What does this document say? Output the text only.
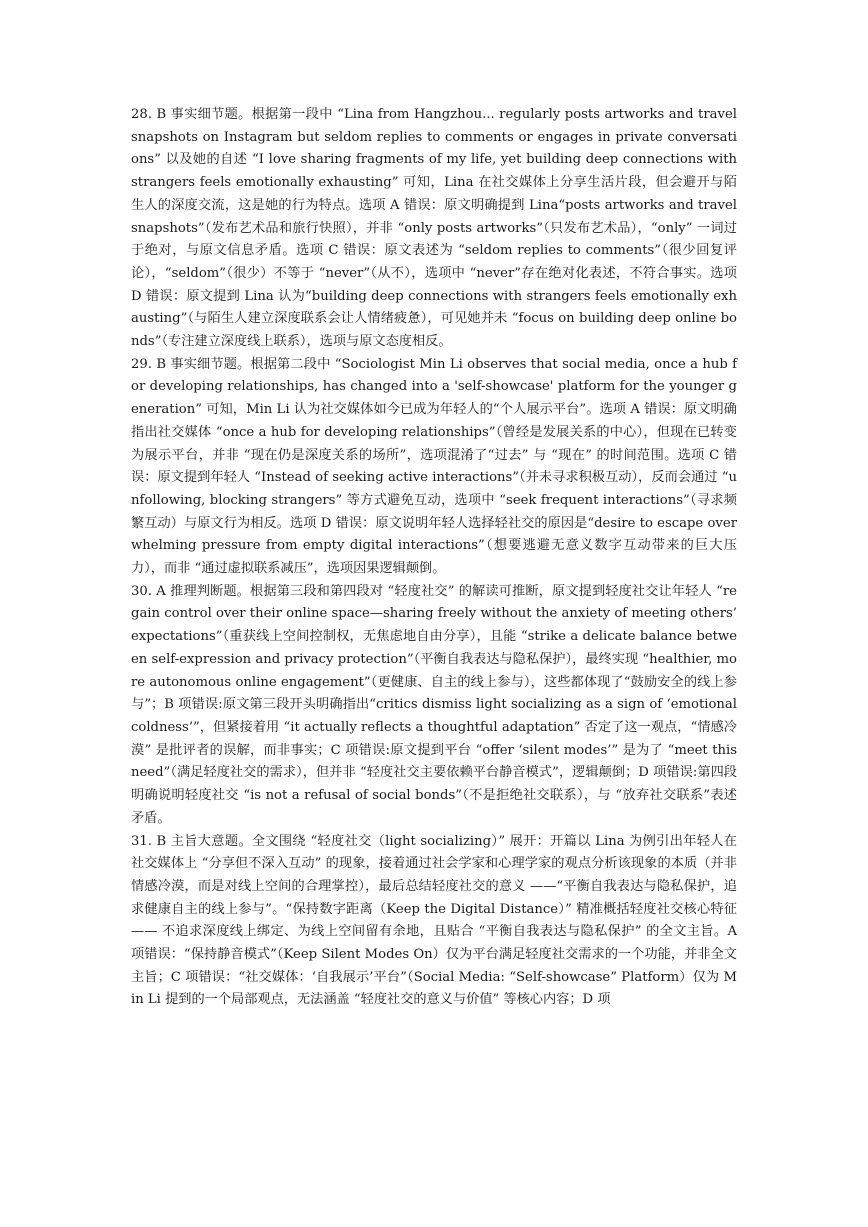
28. B 事实细节题。根据第一段中 “Lina from Hangzhou... regularly posts artworks and travel snapshots on Instagram but seldom replies to comments or engages in private conversations” 以及她的自述 “I love sharing fragments of my life, yet building deep connections with strangers feels emotionally exhausting” 可知，Lina 在社交媒体上分享生活片段，但会避开与陌生人的深度交流，这是她的行为特点。选项 A 错误：原文明确提到 Lina“posts artworks and travel snapshots”（发布艺术品和旅行快照），并非 “only posts artworks”（只发布艺术品），“only” 一词过于绝对，与原文信息矛盾。选项 C 错误：原文表述为 “seldom replies to comments”（很少回复评论），“seldom”（很少）不等于 “never”（从不），选项中 “never”存在绝对化表述，不符合事实。选项 D 错误：原文提到 Lina 认为“building deep connections with strangers feels emotionally exhausting”（与陌生人建立深度联系会让人情绪疲惫），可见她并未 “focus on building deep online bonds”（专注建立深度线上联系），选项与原文态度相反。

29. B 事实细节题。根据第二段中 “Sociologist Min Li observes that social media, once a hub for developing relationships, has changed into a 'self-showcase' platform for the younger generation” 可知，Min Li 认为社交媒体如今已成为年轻人的“个人展示平台”。选项 A 错误：原文明确指出社交媒体 “once a hub for developing relationships”（曾经是发展关系的中心），但现在已转变为展示平台，并非 “现在仍是深度关系的场所”，选项混淆了“过去” 与 “现在” 的时间范围。选项 C 错误：原文提到年轻人 “Instead of seeking active interactions”（并未寻求积极互动），反而会通过 “unfollowing, blocking strangers” 等方式避免互动，选项中 “seek frequent interactions”（寻求频繁互动）与原文行为相反。选项 D 错误：原文说明年轻人选择轻社交的原因是“desire to escape overwhelming pressure from empty digital interactions”（想要逃避无意义数字互动带来的巨大压力），而非 “通过虚拟联系减压”，选项因果逻辑颠倒。

30. A 推理判断题。根据第三段和第四段对 “轻度社交” 的解读可推断，原文提到轻度社交让年轻人 “regain control over their online space—sharing freely without the anxiety of meeting others’ expectations”（重获线上空间控制权，无焦虑地自由分享），且能 “strike a delicate balance between self-expression and privacy protection”（平衡自我表达与隐私保护），最终实现 “healthier, more autonomous online engagement”（更健康、自主的线上参与），这些都体现了“鼓励安全的线上参与”；B 项错误:原文第三段开头明确指出“critics dismiss light socializing as a sign of ‘emotional coldness’”，但紧接着用 “it actually reflects a thoughtful adaptation” 否定了这一观点，“情感冷漠” 是批评者的误解，而非事实；C 项错误:原文提到平台 “offer ‘silent modes’” 是为了 “meet this need”（满足轻度社交的需求），但并非 “轻度社交主要依赖平台静音模式”，逻辑颠倒；D 项错误:第四段明确说明轻度社交 “is not a refusal of social bonds”（不是拒绝社交联系），与 “放弃社交联系”表述矛盾。

31. B 主旨大意题。全文围绕 “轻度社交（light socializing）” 展开：开篇以 Lina 为例引出年轻人在社交媒体上 “分享但不深入互动” 的现象，接着通过社会学家和心理学家的观点分析该现象的本质（并非情感冷漠，而是对线上空间的合理掌控），最后总结轻度社交的意义 ——“平衡自我表达与隐私保护，追求健康自主的线上参与”。“保持数字距离（Keep the Digital Distance）” 精准概括轻度社交核心特征 —— 不追求深度线上绑定、为线上空间留有余地，且贴合 “平衡自我表达与隐私保护” 的全文主旨。A 项错误：“保持静音模式”（Keep Silent Modes On）仅为平台满足轻度社交需求的一个功能，并非全文主旨；C 项错误：“社交媒体：‘自我展示’平台”（Social Media: “Self-showcase” Platform）仅为 Min Li 提到的一个局部观点，无法涵盖 “轻度社交的意义与价值” 等核心内容；D 项
